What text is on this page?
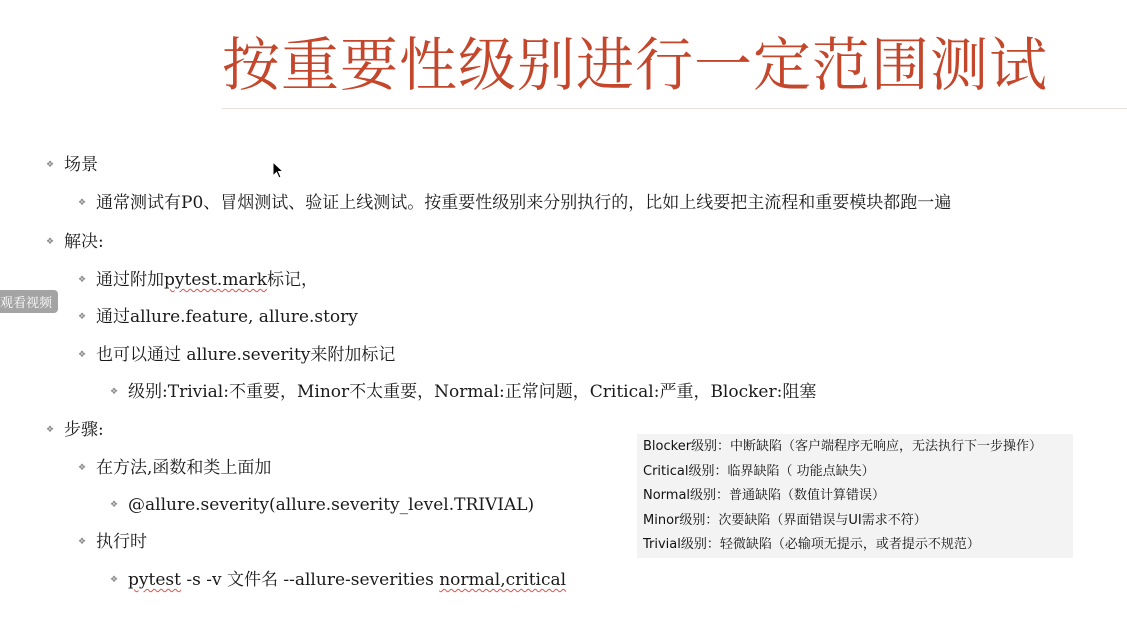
按重要性级别进行一定范围测试
观看视频
❖ 场景
❖ 通常测试有P0、冒烟测试、验证上线测试。按重要性级别来分别执行的，比如上线要把主流程和重要模块都跑一遍
❖ 解决:
❖ 通过附加 pytest.mark 标记，
❖ 通过allure.feature, allure.story
❖ 也可以通过 allure.severity来附加标记
❖ 级别:Trivial:不重要，Minor不太重要，Normal:正常问题，Critical:严重，Blocker:阻塞
❖ 步骤:
❖ 在方法,函数和类上面加
❖ @allure.severity(allure.severity_level.TRIVIAL)
❖ 执行时
❖ pytest -s -v 文件名 --allure-severities normal,critical
Blocker级别：中断缺陷（客户端程序无响应，无法执行下一步操作）
Critical级别：临界缺陷（ 功能点缺失）
Normal级别：普通缺陷（数值计算错误）
Minor级别：次要缺陷（界面错误与UI需求不符）
Trivial级别：轻微缺陷（必输项无提示，或者提示不规范）
